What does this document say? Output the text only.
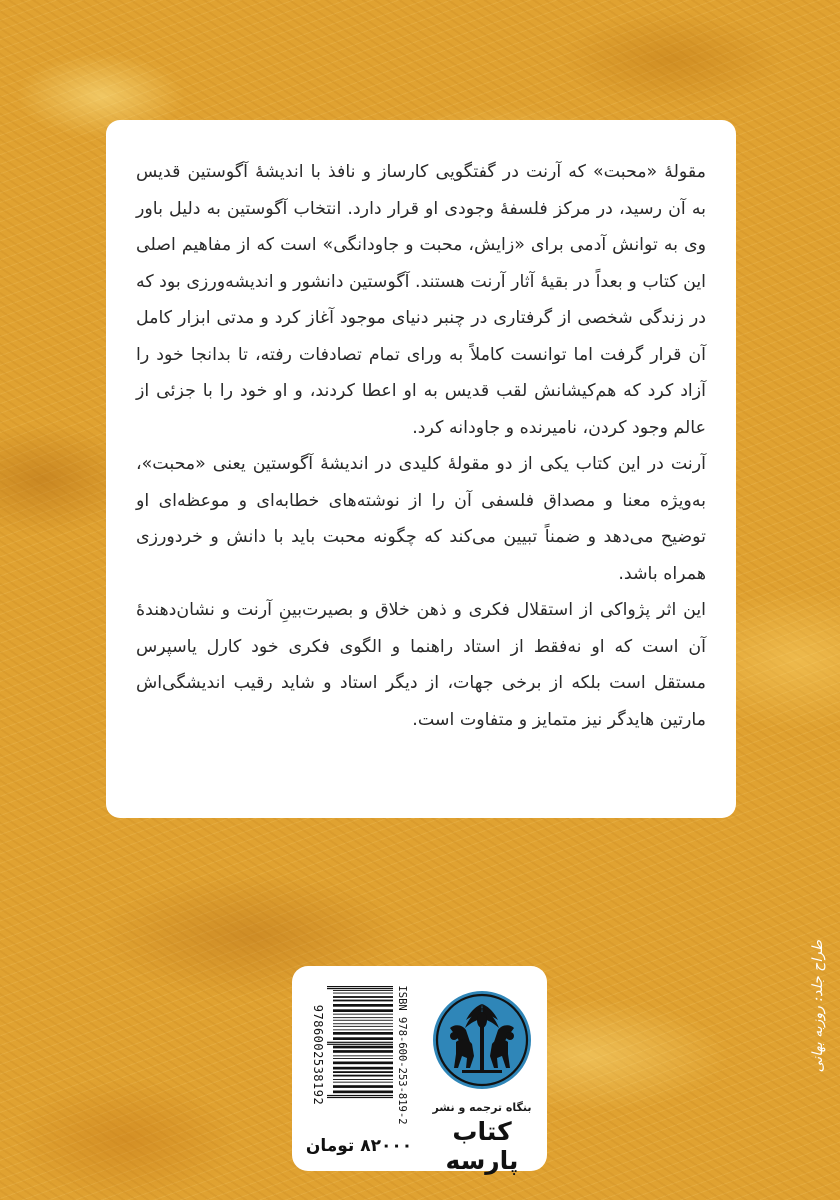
مقولهٔ «محبت» که آرنت در گفتگویی کارساز و نافذ با اندیشهٔ آگوستین قدیس به آن رسید، در مرکز فلسفهٔ وجودی او قرار دارد. انتخاب آگوستین به دلیل باور وی به توانش آدمی برای «زایش، محبت و جاودانگی» است که از مفاهیم اصلی این کتاب و بعداً در بقیهٔ آثار آرنت هستند. آگوستین دانشور و اندیشه‌ورزی بود که در زندگی شخصی از گرفتاری در چنبر دنیای موجود آغاز کرد و مدتی ابزار کامل آن قرار گرفت اما توانست کاملاً به ورای تمام تصادفات رفته، تا بدانجا خود را آزاد کرد که هم‌کیشانش لقب قدیس به او اعطا کردند، و او خود را با جزئی از عالم وجود کردن، نامیرنده و جاودانه کرد.

آرنت در این کتاب یکی از دو مقولهٔ کلیدی در اندیشهٔ آگوستین یعنی «محبت»، به‌ویژه معنا و مصداق فلسفی آن را از نوشته‌های خطابه‌ای و موعظه‌ای او توضیح می‌دهد و ضمناً تبیین می‌کند که چگونه محبت باید با دانش و خردورزی همراه باشد.

این اثر پژواکی از استقلال فکری و ذهن خلاق و بصیرت‌بینِ آرنت و نشان‌دهندهٔ آن است که او نه‌فقط از استاد راهنما و الگوی فکری خود کارل یاسپرس مستقل است بلکه از برخی جهات، از دیگر استاد و شاید رقیب اندیشگی‌اش مارتین هایدگر نیز متمایز و متفاوت است.

ISBN 978-600-253-819-2
9786002538192
بنگاه ترجمه و نشر
کتاب پارسه
۸۲۰۰۰ تومان
طراح جلد: روزبه بهانی
